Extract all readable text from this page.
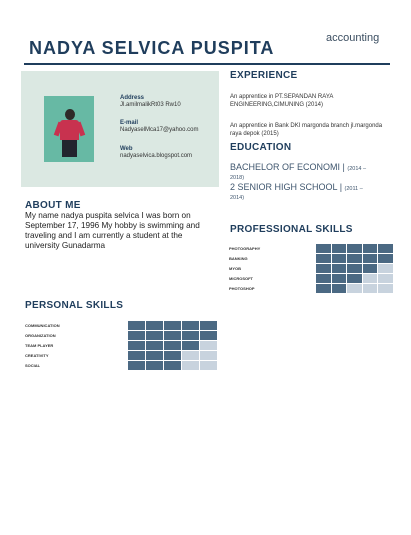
NADYA SELVICA PUSPITA	accounting
Address
Jl.amilmalikRt03 Rw10
E-mail
NadyaselMca17@yahoo.com
Web
nadyaselvica.blogspot.com
EXPERIENCE
An apprentice in PT.SEPANDAN RAYA ENGINEERING,CIMUNING (2014)
An apprentice in Bank DKI margonda branch jl.margonda raya depok (2015)
EDUCATION
BACHELOR OF ECONOMI | (2014 –
2018)
2 SENIOR HIGH SCHOOL | (2011 –
2014)
ABOUT ME
My name nadya puspita selvica I was born on September 17, 1996 My hobby is swimming and traveling and I am currently a student at the university Gunadarma
PROFESSIONAL SKILLS
PHOTOGRAPHY
BANKING
MYOB
MICROSOFT
PHOTOSHOP
PERSONAL SKILLS
COMMUNICATION
ORGANIZATION
TEAM PLAYER
CREATIVITY
SOCIAL
